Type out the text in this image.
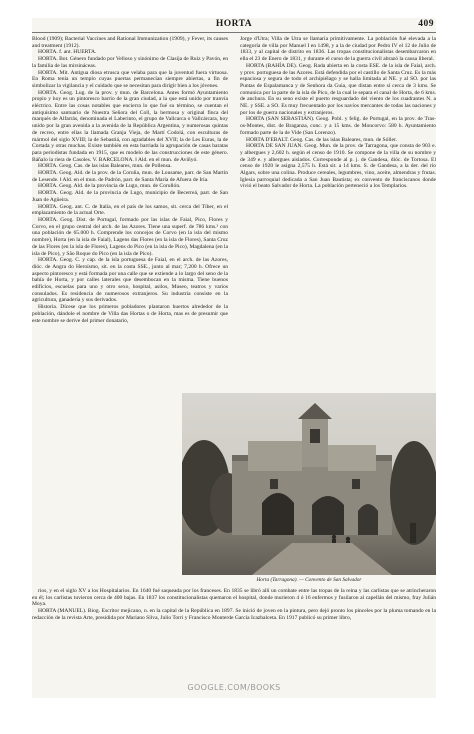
HORTA	409

Blood (1909); Bacterial Vaccines and Rational Immunization (1909), y Fever, its causes and treatment (1912).

HORTA. f. ant. HUERTA.

HORTA. Bot. Género fundado por Velloso y sinónimo de Clasija de Ruiz y Pavón, en la familia de las mirsináceas.

HORTA. Mit. Antigua diosa etrusca que velaba para que la juventud fuera virtuosa. En Roma tenía un templo cuyas puertas permanecían siempre abiertas, a fin de simbolizar la vigilancia y el cuidado que se necesitan para dirigir bien a los jóvenes.

HORTA. Geog. Lug. de la prov. y mun. de Barcelona. Antes formó Ayuntamiento propio y hoy es un pintoresco barrio de la gran ciudad, a la que está unido por tranvía eléctrico. Entre las cosas notables que encierra lo que fué su término, se cuentan el antiquísimo santuario de Nuestra Señora del Coll, la hermosa y original finca del marqués de Alfarrás, denominada el Laberinto, el grupo de Vallcarca o Vallcárcara, hoy unido por la gran avenida a la avenida de la República Argentina, y numerosas quintas de recreo, entre ellas la llamada Granja Vieja, de Martí Codolá, con esculturas de mármol del siglo XVIII; la de Sebastiá, con agradables del XVII; la de Les Euras, la de Cortada y otras muchas. Existe también en esta barriada la agrupación de casas baratas para periodistas fundada en 1915, que es modelo de las construcciones de este género. Báñalo la riera de Casoles. V. BARCELONA. ‖ Ald. en el mun. de Aviñyó.

HORTA. Geog. Cas. de las islas Baleares, mun. de Pollensa.

HORTA. Geog. Ald. de la prov. de la Coruña, mun. de Lousame, parr. de San Martín de Lesende. ‖ Ald. en el mun. de Padrón, parr. de Santa María de Afuera de Iria.

HORTA. Geog. Ald. de la provincia de Lugo, mun. de Corullón.

HORTA. Geog. Ald. de la provincia de Lugo, municipio de Becerreá, parr. de San Juan de Agüeira.

HORTA. Geog. ant. C. de Italia, en el país de los samos, sit. cerca del Tíber, en el emplazamiento de la actual Orte.

HORTA. Geog. Dist. de Portugal, formado por las islas de Faial, Pico, Flores y Corvo, en el grupo central del arch. de las Azores. Tiene una superf. de 786 kms.² con una población de 65.000 h. Comprende los concejos de Corvo (en la isla del mismo nombre), Horta (en la isla de Faial), Lagens das Flores (en la isla de Flores), Santa Cruz de las Flores (en la isla de Flores), Lagens do Pico (en la isla de Pico), Magdalena (en la isla de Pico), y São Roque do Pico (en la isla de Pico).

HORTA. Geog. C. y cap. de la isla portuguesa de Faial, en el arch. de las Azores, dióc. de Angra do Heroísmo, sit. en la costa SSE., junto al mar; 7,200 h. Ofrece un aspecto pintoresco y está formada por una calle que se extiende a lo largo del seno de la bahía de Horta, y por calles laterales que desembocan en la misma. Tiene buenos edificios, escuelas para uno y otro sexo, hospital, asilos, Museo, teatros y varios consulados. Es residencia de numerosos extranjeros. Su industria consiste en la agricultura, ganadería y sus derivados.

Historia. Dícese que los primeros pobladores plantaron huertos alrededor de la población, dándole el nombre de Villa das Hortas o de Horta, mas es de presumir que este nombre se derive del primer donatario,

Jorge d'Utra; Villa de Utra se llamaría primitivamente. La población fué elevada a la categoría de villa por Manuel I en 1498, y a la de ciudad por Pedro IV el 12 de Julio de 1833, y al capital de distrito en 1836. Las tropas constitucionalistas desembarcaron en ella el 23 de Enero de 1831, y durante el curso de la guerra civil abrazó la causa liberal.

HORTA (BAHÍA DE). Geog. Rada abierta en la costa ESE. de la isla de Faial, arch. y prov. portuguesa de las Azores. Está defendida por el castillo de Santa Cruz. Es la más espaciosa y segura de todo el archipiélago y se halla limitada al NE. y al SO. por las Puntas de Espalamanca y de Senhora da Guia, que distan entre sí cerca de 3 kms. Se comunica por la parte de la isla de Pico, de la cual le separa el canal de Horta, de 6 kms. de anchura. En su seno existe el puerto resguardado del viento de los cuadrantes N. a NE. y SSE. a SO. Es muy frecuentado por los navíos mercantes de todas las naciones y por los de guerra nacionales y extranjeros.

HORTA (SAN SEBASTIÁN). Geog. Pobl. y felig. de Portugal, en la prov. de Tras-os-Montes, dist. de Braganza, conc. y a 15 kms. de Moncorvo: 580 h. Ayuntamiento formado parte de la de Vide (San Lorenzo).

HORTA D'EBALT. Geog. Cas. de las islas Baleares, mun. de Sóller.

HORTA DE SAN JUAN. Geog. Mun. de la prov. de Tarragona, que consta de 903 e. y albergues y 2,602 h. según el censo de 1910. Se compone de la villa de su nombre y de 349 e. y albergues aislados. Corresponde al p. j. de Gandesa, dióc. de Tortosa. El censo de 1920 le asigna 2,575 h. Está sit. a 14 kms. S. de Gandesa, a la der. del río Algars, sobre una colina. Produce cereales, legumbres, vino, aceite, almendras y frutas. Iglesia parroquial dedicada a San Juan Bautista; ex convento de franciscanos donde vivió el beato Salvador de Horta. La población perteneció a los Templarios.

Horta (Tarragona). — Convento de San Salvador

rios, y en el siglo XV a los Hospitalarios. En 1640 fué saqueada por los franceses. En 1835 se libró allí un combate entre las tropas de la reina y las carlistas que se atrincheraron en él; los carlistas tuvieron cerca de 400 bajas. En 1837 los constitucionalistas quemaron el hospital, donde murieron 4 ó 16 enfermos y fusilaron al capellán del mismo, fray Julián Moya.

HORTA (MANUEL). Biog. Escritor mejicano, n. en la capital de la República en 1897. Se inició de joven en la pintura, pero dejó pronto los pinceles por la pluma tomando en la redacción de la revista Arte, presidida por Mariano Silva, Julio Torri y Francisco Monterde García Icazbalceta. En 1917 publicó su primer libro,

GOOGLE.COM/BOOKS
